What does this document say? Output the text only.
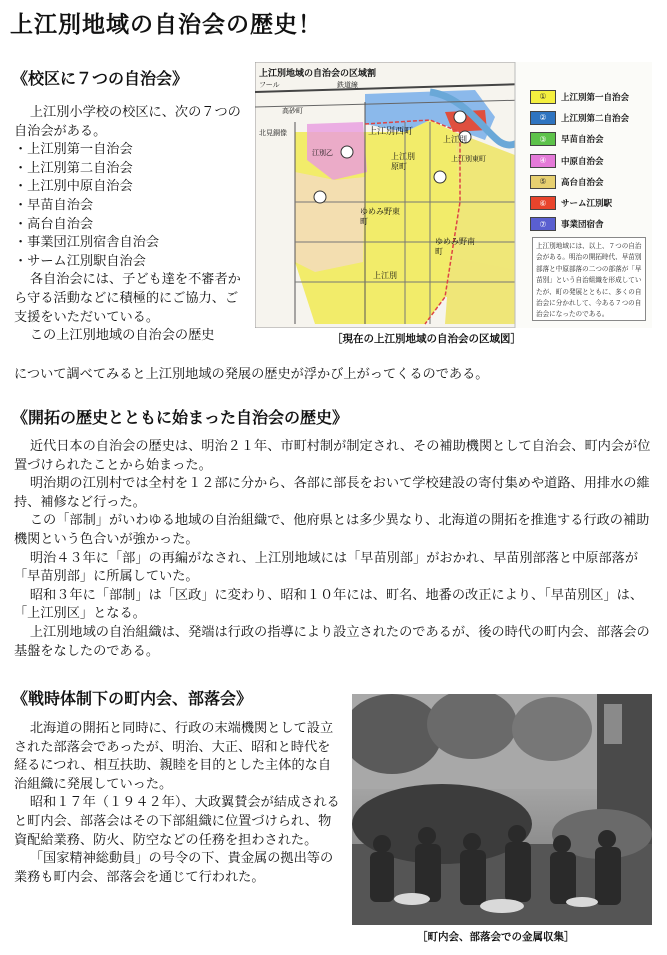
上江別地域の自治会の歴史！
《校区に７つの自治会》

上江別小学校の校区に、次の７つの自治会がある。

・上江別第一自治会

・上江別第二自治会

・上江別中原自治会

・早苗自治会

・高台自治会

・事業団江別宿舎自治会

・サーム江別駅自治会

各自治会には、子ども達を不審者から守る活動などに積極的にご協力、ご支援をいただいている。

この上江別地域の自治会の歴史

について調べてみると上江別地域の発展の歴史が浮かび上がってくるのである。
上江別地域の自治会の区域割
フール	鉄道線
上江別西町
江別乙	上江別原町
上江別
ゆめみ野東町
ゆめみ野南町
上江別
高砂町
北見銅像
上江別東町
①	上江別第一自治会
②	上江別第二自治会
③	早苗自治会
④	中原自治会
⑤	高台自治会
⑥	サーム江別駅
⑦	事業団宿舎
上江別地域には、以上、７つの自治会がある。明治の開拓時代、早苗別部落と中原部落の二つの部落が「早苗別」という自治組織を形成していたが、町の発展とともに、多くの自治会に分かれして、今ある７つの自治会になったのである。
［現在の上江別地域の自治会の区域図］
《開拓の歴史とともに始まった自治会の歴史》

近代日本の自治会の歴史は、明治２１年、市町村制が制定され、その補助機関として自治会、町内会が位置づけられたことから始まった。

明治期の江別村では全村を１２部に分から、各部に部長をおいて学校建設の寄付集めや道路、用排水の維持、補修など行った。

この「部制」がいわゆる地域の自治組織で、他府県とは多少異なり、北海道の開拓を推進する行政の補助機関という色合いが強かった。

明治４３年に「部」の再編がなされ、上江別地域には「早苗別部」がおかれ、早苗別部落と中原部落が「早苗別部」に所属していた。

昭和３年に「部制」は「区政」に変わり、昭和１０年には、町名、地番の改正により、「早苗別区」は、「上江別区」となる。

上江別地域の自治組織は、発端は行政の指導により設立されたのであるが、後の時代の町内会、部落会の基盤をなしたのである。

《戦時体制下の町内会、部落会》

北海道の開拓と同時に、行政の末端機関として設立された部落会であったが、明治、大正、昭和と時代を経るにつれ、相互扶助、親睦を目的とした主体的な自治組織に発展していった。

昭和１７年（１９４２年）、大政翼賛会が結成されると町内会、部落会はその下部組織に位置づけられ、物資配給業務、防火、防空などの任務を担わされた。

「国家精神総動員」の号令の下、貴金属の拠出等の業務も町内会、部落会を通じて行われた。

［町内会、部落会での金属収集］
